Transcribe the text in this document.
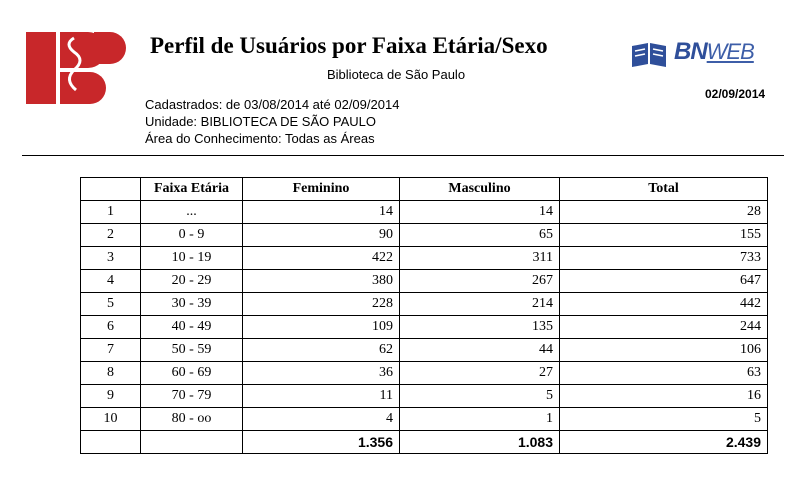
Perfil de Usuários por Faixa Etária/Sexo
Biblioteca de São Paulo
BNWEB
02/09/2014
Cadastrados: de 03/08/2014 até 02/09/2014
Unidade: BIBLIOTECA DE SÃO PAULO
Área do Conhecimento: Todas as Áreas
	Faixa Etária	Feminino	Masculino	Total
1	...	14	14	28
2	0 - 9	90	65	155
3	10 - 19	422	311	733
4	20 - 29	380	267	647
5	30 - 39	228	214	442
6	40 - 49	109	135	244
7	50 - 59	62	44	106
8	60 - 69	36	27	63
9	70 - 79	11	5	16
10	80 - oo	4	1	5
		1.356	1.083	2.439
